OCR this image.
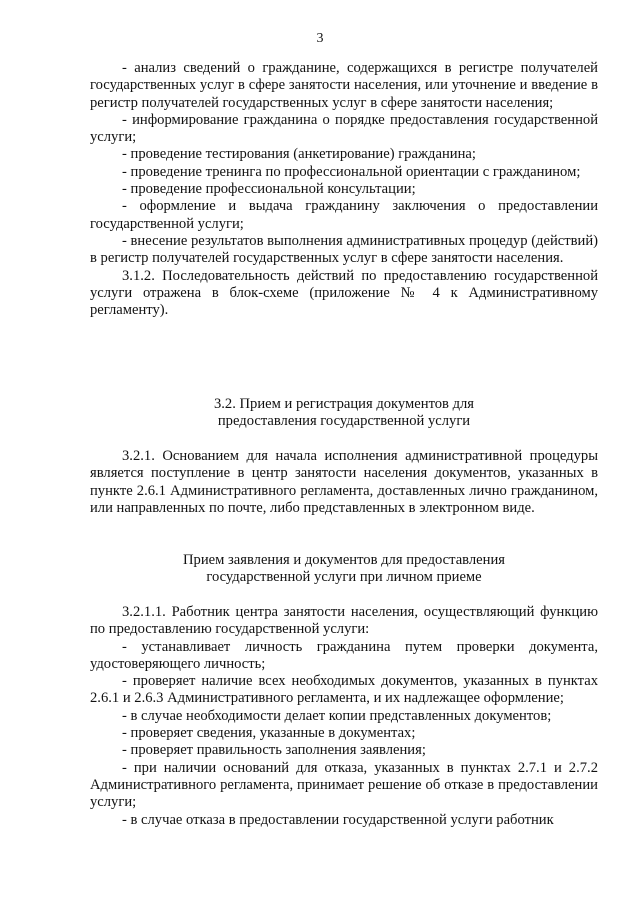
3

- анализ сведений о гражданине, содержащихся в регистре получателей государственных услуг в сфере занятости населения, или уточнение и введение в регистр получателей государственных услуг в сфере занятости населения;

- информирование гражданина о порядке предоставления государственной услуги;

- проведение тестирования (анкетирование) гражданина;

- проведение тренинга по профессиональной ориентации с гражданином;

- проведение профессиональной консультации;

- оформление и выдача гражданину заключения о предоставлении государственной услуги;

- внесение результатов выполнения административных процедур (действий) в регистр получателей государственных услуг в сфере занятости населения.

3.1.2. Последовательность действий по предоставлению государственной услуги отражена в блок-схеме (приложение № 4 к Административному регламенту).

3.2. Прием и регистрация документов для

предоставления государственной услуги

3.2.1. Основанием для начала исполнения административной процедуры является поступление в центр занятости населения документов, указанных в пункте 2.6.1 Административного регламента, доставленных лично гражданином, или направленных по почте, либо представленных в электронном виде.

Прием заявления и документов для предоставления

государственной услуги при личном приеме

3.2.1.1. Работник центра занятости населения, осуществляющий функцию по предоставлению государственной услуги:

- устанавливает личность гражданина путем проверки документа, удостоверяющего личность;

- проверяет наличие всех необходимых документов, указанных в пунктах 2.6.1 и 2.6.3 Административного регламента, и их надлежащее оформление;

- в случае необходимости делает копии представленных документов;

- проверяет сведения, указанные в документах;

- проверяет правильность заполнения заявления;

- при наличии оснований для отказа, указанных в пунктах 2.7.1 и 2.7.2 Административного регламента, принимает решение об отказе в предоставлении услуги;

- в случае отказа в предоставлении государственной услуги работник
